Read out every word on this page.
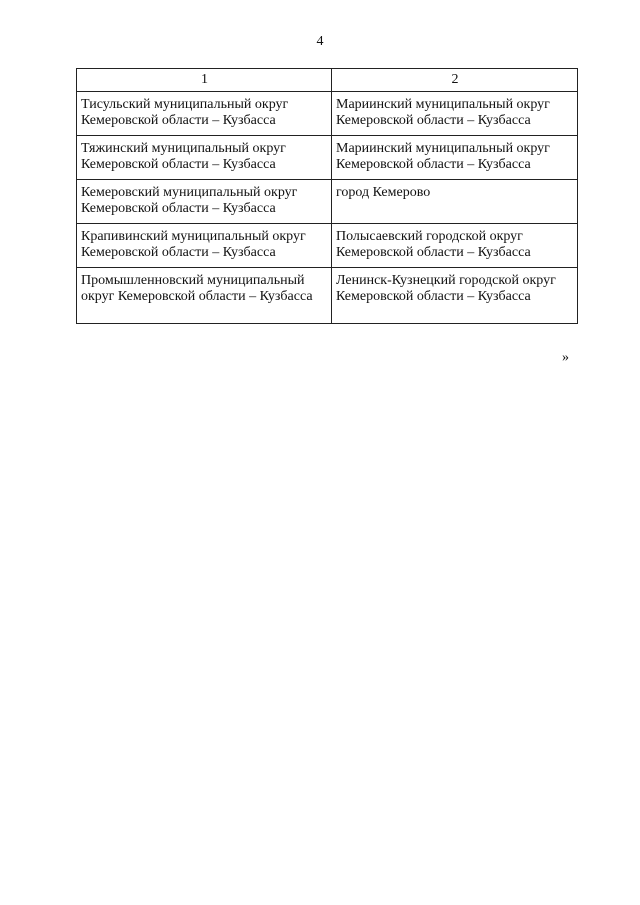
4
1	2
Тисульский муниципальный округ Кемеровской области – Кузбасса	Мариинский муниципальный округ Кемеровской области – Кузбасса
Тяжинский муниципальный округ Кемеровской области – Кузбасса	Мариинский муниципальный округ Кемеровской области – Кузбасса
Кемеровский муниципальный округ Кемеровской области – Кузбасса	город Кемерово
Крапивинский муниципальный округ Кемеровской области – Кузбасса	Полысаевский городской округ Кемеровской области – Кузбасса
Промышленновский муниципальный округ Кемеровской области – Кузбасса	Ленинск-Кузнецкий городской округ Кемеровской области – Кузбасса
»
